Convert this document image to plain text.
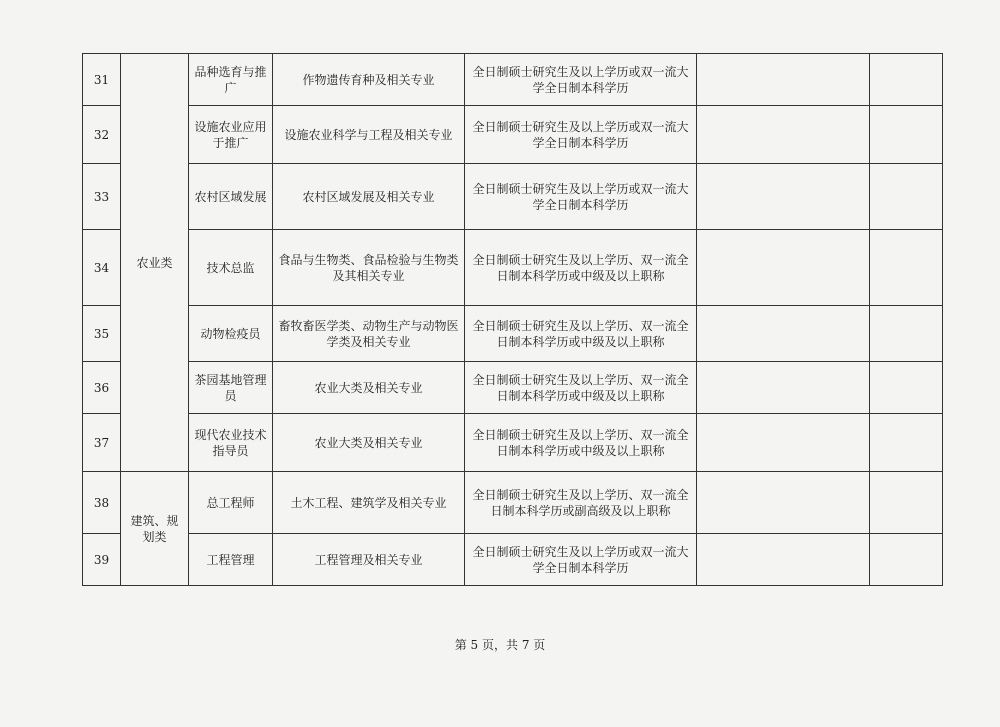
31	农业类	品种选育与推广	作物遗传育种及相关专业	全日制硕士研究生及以上学历或双一流大学全日制本科学历		
32		设施农业应用于推广	设施农业科学与工程及相关专业	全日制硕士研究生及以上学历或双一流大学全日制本科学历		
33		农村区域发展	农村区域发展及相关专业	全日制硕士研究生及以上学历或双一流大学全日制本科学历		
34		技术总监	食品与生物类、食品检验与生物类及其相关专业	全日制硕士研究生及以上学历、双一流全日制本科学历或中级及以上职称		
35		动物检疫员	畜牧畜医学类、动物生产与动物医学类及相关专业	全日制硕士研究生及以上学历、双一流全日制本科学历或中级及以上职称		
36		茶园基地管理员	农业大类及相关专业	全日制硕士研究生及以上学历、双一流全日制本科学历或中级及以上职称		
37		现代农业技术指导员	农业大类及相关专业	全日制硕士研究生及以上学历、双一流全日制本科学历或中级及以上职称		
38	建筑、规划类	总工程师	土木工程、建筑学及相关专业	全日制硕士研究生及以上学历、双一流全日制本科学历或副高级及以上职称		
39		工程管理	工程管理及相关专业	全日制硕士研究生及以上学历或双一流大学全日制本科学历		
第 5 页，共 7 页
